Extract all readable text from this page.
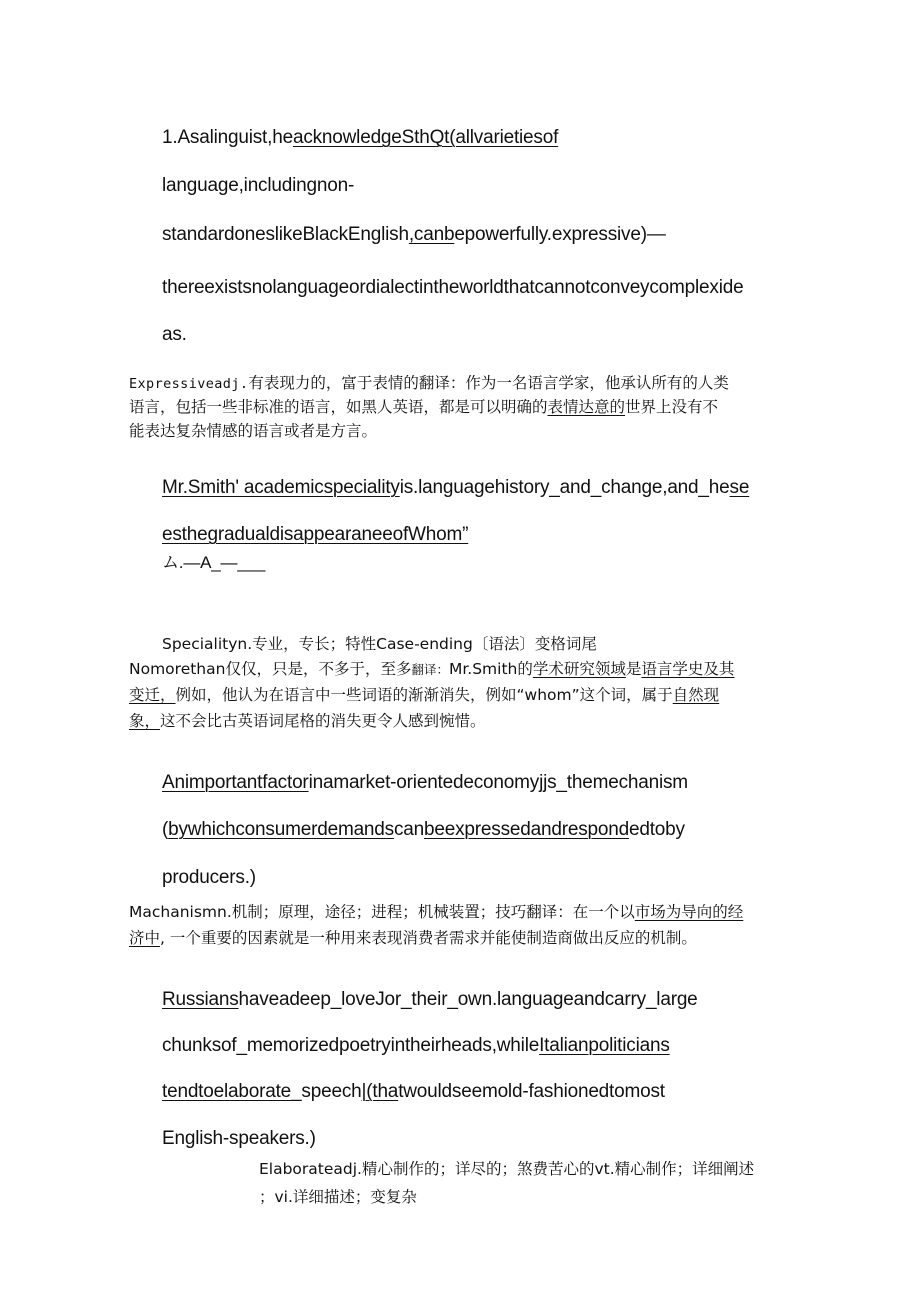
1.Asalinguist,heacknowledgeSthQt(allvarietiesof
language,includingnon-
standardoneslikeBlackEnglish,canbepowerfully.expressive)—
thereexistsnolanguageordialectintheworldthatcannotconveycomplexide
as.
Expressiveadj.有表现力的，富于表情的翻译：作为一名语言学家，他承认所有的人类
语言，包括一些非标准的语言，如黑人英语，都是可以明确的表情达意的世界上没有不
能表达复杂情感的语言或者是方言。
Mr.Smith' academicspecialityis.languagehistory_and_change,and_hese
esthegradualdisappearaneeofWhom”
ム.—A_—___
Specialityn.专业，专长；特性Case-ending〔语法〕变格词尾
Nomorethan仅仅，只是，不多于，至多翻译：Mr.Smith的学术研究领域是语言学史及其
变迁，例如，他认为在语言中一些词语的渐渐消失，例如“whom”这个词，属于自然现
象，这不会比古英语词尾格的消失更令人感到惋惜。
Animportantfactorinamarket-orientedeconomyjjs_themechanism
(bywhichconsumerdemandscanbeexpressedandrespondedtoby
producers.)
Machanismn.机制；原理，途径；进程；机械装置；技巧翻译：在一个以市场为导向的经
济中, 一个重要的因素就是一种用来表现消费者需求并能使制造商做出反应的机制。
Russianshaveadeep_loveJor_their_own.languageandcarry_large
chunksof_memorizedpoetryintheirheads,whileItalianpoliticians
tendtoelaborate_speech|(thatwouldseemold-fashionedtomost
English-speakers.)
Elaborateadj.精心制作的；详尽的；煞费苦心的vt.精心制作；详细阐述
；vi.详细描述；变复杂
